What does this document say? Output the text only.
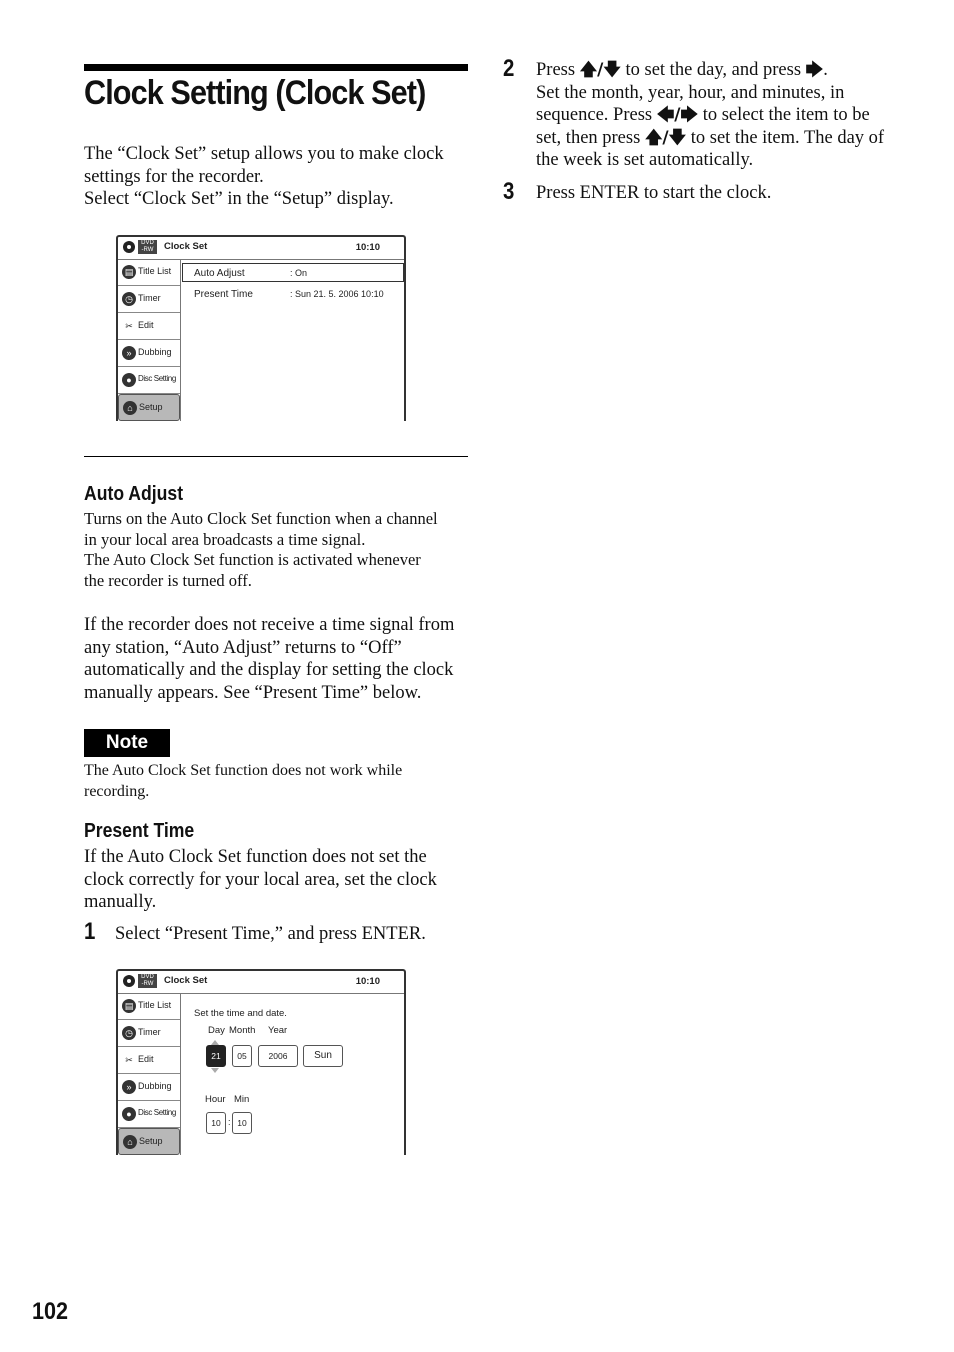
Clock Setting (Clock Set)

The “Clock Set” setup allows you to make clock

settings for the recorder.

Select “Clock Set” in the “Setup” display.

DVD
-RW	Clock Set	10:10
▤ Title List
◷ Timer
✂ Edit
» Dubbing
● Disc Setting
⌂ Setup
Auto Adjust	: On
Present Time	: Sun 21. 5. 2006 10:10
Auto Adjust
Turns on the Auto Clock Set function when a channel
in your local area broadcasts a time signal.
The Auto Clock Set function is activated whenever
the recorder is turned off.

If the recorder does not receive a time signal from

any station, “Auto Adjust” returns to “Off”

automatically and the display for setting the clock

manually appears. See “Present Time” below.

Note
The Auto Clock Set function does not work while
recording.
Present Time

If the Auto Clock Set function does not set the

clock correctly for your local area, set the clock

manually.

1 Select “Present Time,” and press ENTER.
DVD
-RW	Clock Set	10:10
▤ Title List
◷ Timer
✂ Edit
» Dubbing
● Disc Setting
⌂ Setup
Set the time and date.
Day Month Year
21	05	2006	Sun
Hour Min
10 : 10
2 Press 🡅/🡇 to set the day, and press 🡆.

Set the month, year, hour, and minutes, in

sequence. Press 🡄/🡆 to select the item to be

set, then press 🡅/🡇 to set the item. The day of

the week is set automatically.

3 Press ENTER to start the clock.
102
